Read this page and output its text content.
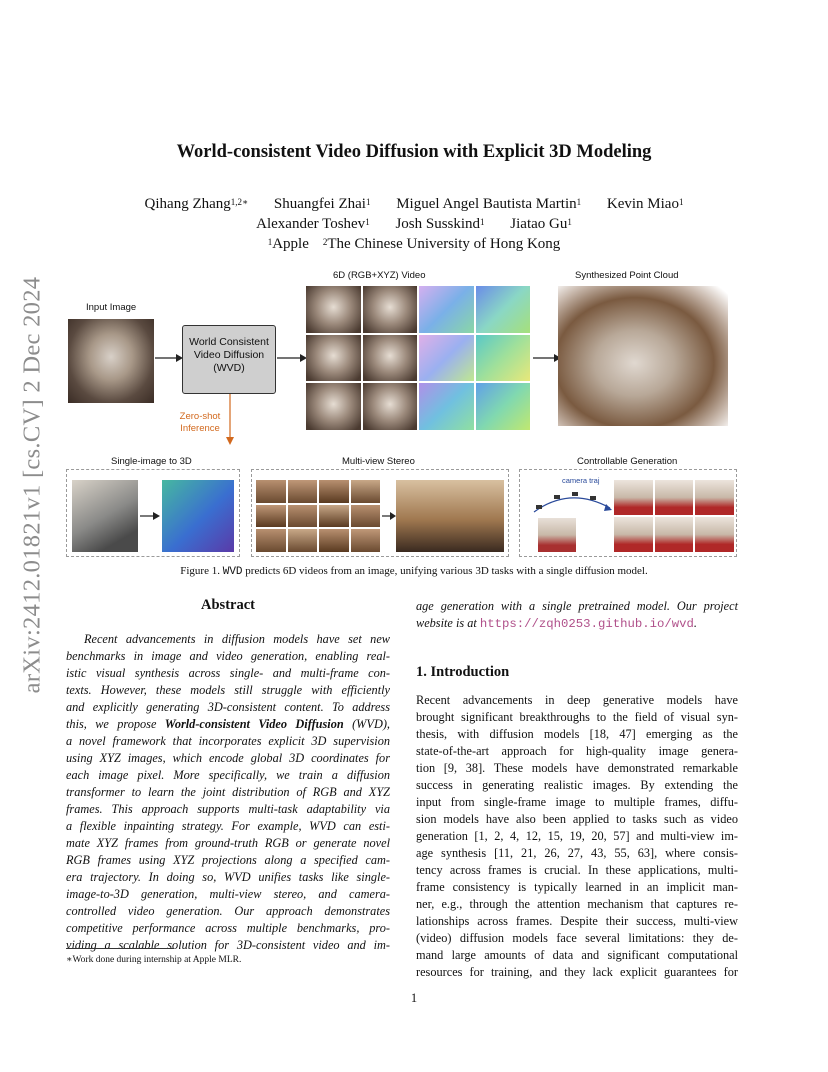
arXiv:2412.01821v1 [cs.CV] 2 Dec 2024
World-consistent Video Diffusion with Explicit 3D Modeling
Qihang Zhang$^{1,2∗}$ Shuangfei Zhai$^1$ Miguel Angel Bautista Martin$^1$ Kevin Miao$^1$
Alexander Toshev$^1$ Josh Susskind$^1$ Jiatao Gu$^1$
$^1$Apple $^2$The Chinese University of Hong Kong
Input Image
6D (RGB+XYZ) Video	Synthesized Point Cloud
World Consistent
Video Diffusion
(WVD)
Zero-shot Inference
Single-image to 3D	Multi-view Stereo	Controllable Generation
camera traj
Figure 1. WVD predicts 6D videos from an image, unifying various 3D tasks with a single diffusion model.
Abstract
Recent advancements in diffusion models have set new
benchmarks in image and video generation, enabling real-
istic visual synthesis across single- and multi-frame con-
texts. However, these models still struggle with efficiently
and explicitly generating 3D-consistent content. To address
this, we propose World-consistent Video Diffusion (WVD),
a novel framework that incorporates explicit 3D supervision
using XYZ images, which encode global 3D coordinates for
each image pixel. More specifically, we train a diffusion
transformer to learn the joint distribution of RGB and XYZ
frames. This approach supports multi-task adaptability via
a flexible inpainting strategy. For example, WVD can esti-
mate XYZ frames from ground-truth RGB or generate novel
RGB frames using XYZ projections along a specified cam-
era trajectory. In doing so, WVD unifies tasks like single-
image-to-3D generation, multi-view stereo, and camera-
controlled video generation. Our approach demonstrates
competitive performance across multiple benchmarks, pro-
viding a scalable solution for 3D-consistent video and im-
∗Work done during internship at Apple MLR.
age generation with a single pretrained model. Our project
website is at https://zqh0253.github.io/wvd.
1. Introduction
Recent advancements in deep generative models have
brought significant breakthroughs to the field of visual syn-
thesis, with diffusion models [18, 47] emerging as the
state-of-the-art approach for high-quality image genera-
tion [9, 38]. These models have demonstrated remarkable
success in generating realistic images. By extending the
input from single-frame image to multiple frames, diffu-
sion models have also been applied to tasks such as video
generation [1, 2, 4, 12, 15, 19, 20, 57] and multi-view im-
age synthesis [11, 21, 26, 27, 43, 55, 63], where consis-
tency across frames is crucial. In these applications, multi-
frame consistency is typically learned in an implicit man-
ner, e.g., through the attention mechanism that captures re-
lationships across frames. Despite their success, multi-view
(video) diffusion models face several limitations: they de-
mand large amounts of data and significant computational
resources for training, and they lack explicit guarantees for
1
